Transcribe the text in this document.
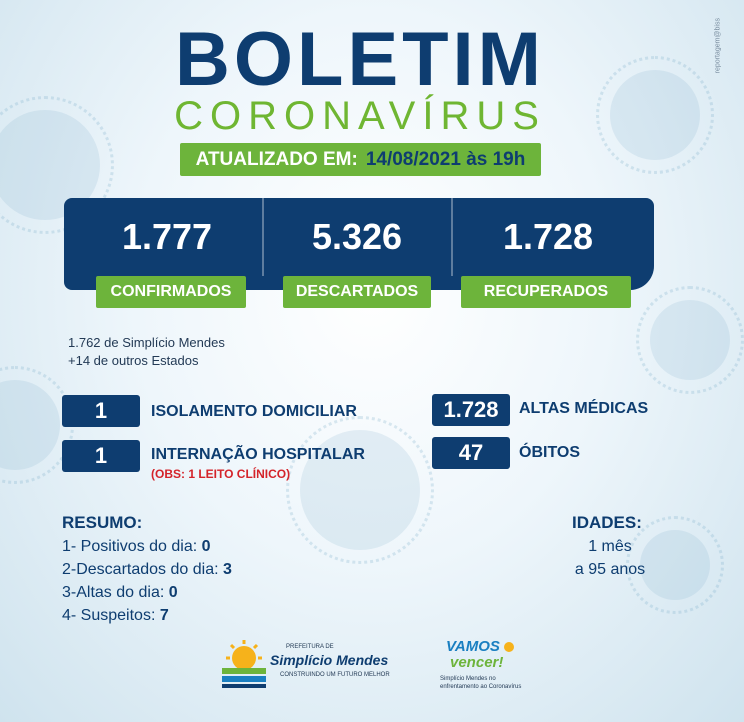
reportagem@biss
BOLETIM
CORONAVÍRUS
ATUALIZADO EM: 14/08/2021 às 19h
1.777	5.326	1.728
CONFIRMADOS	DESCARTADOS	RECUPERADOS
1.762 de Simplício Mendes
+14 de outros Estados
1	ISOLAMENTO DOMICILIAR
1	INTERNAÇÃO HOSPITALAR
(OBS: 1 LEITO CLÍNICO)
1.728	ALTAS MÉDICAS
47	ÓBITOS
RESUMO:
1- Positivos do dia: 0
2-Descartados do dia: 3
3-Altas do dia: 0
4- Suspeitos: 7
IDADES:
1 mês
a 95 anos
PREFEITURA DE
Simplício Mendes
CONSTRUINDO UM FUTURO MELHOR
VAMOS
vencer!
Simplício Mendes no
enfrentamento ao Coronavírus
